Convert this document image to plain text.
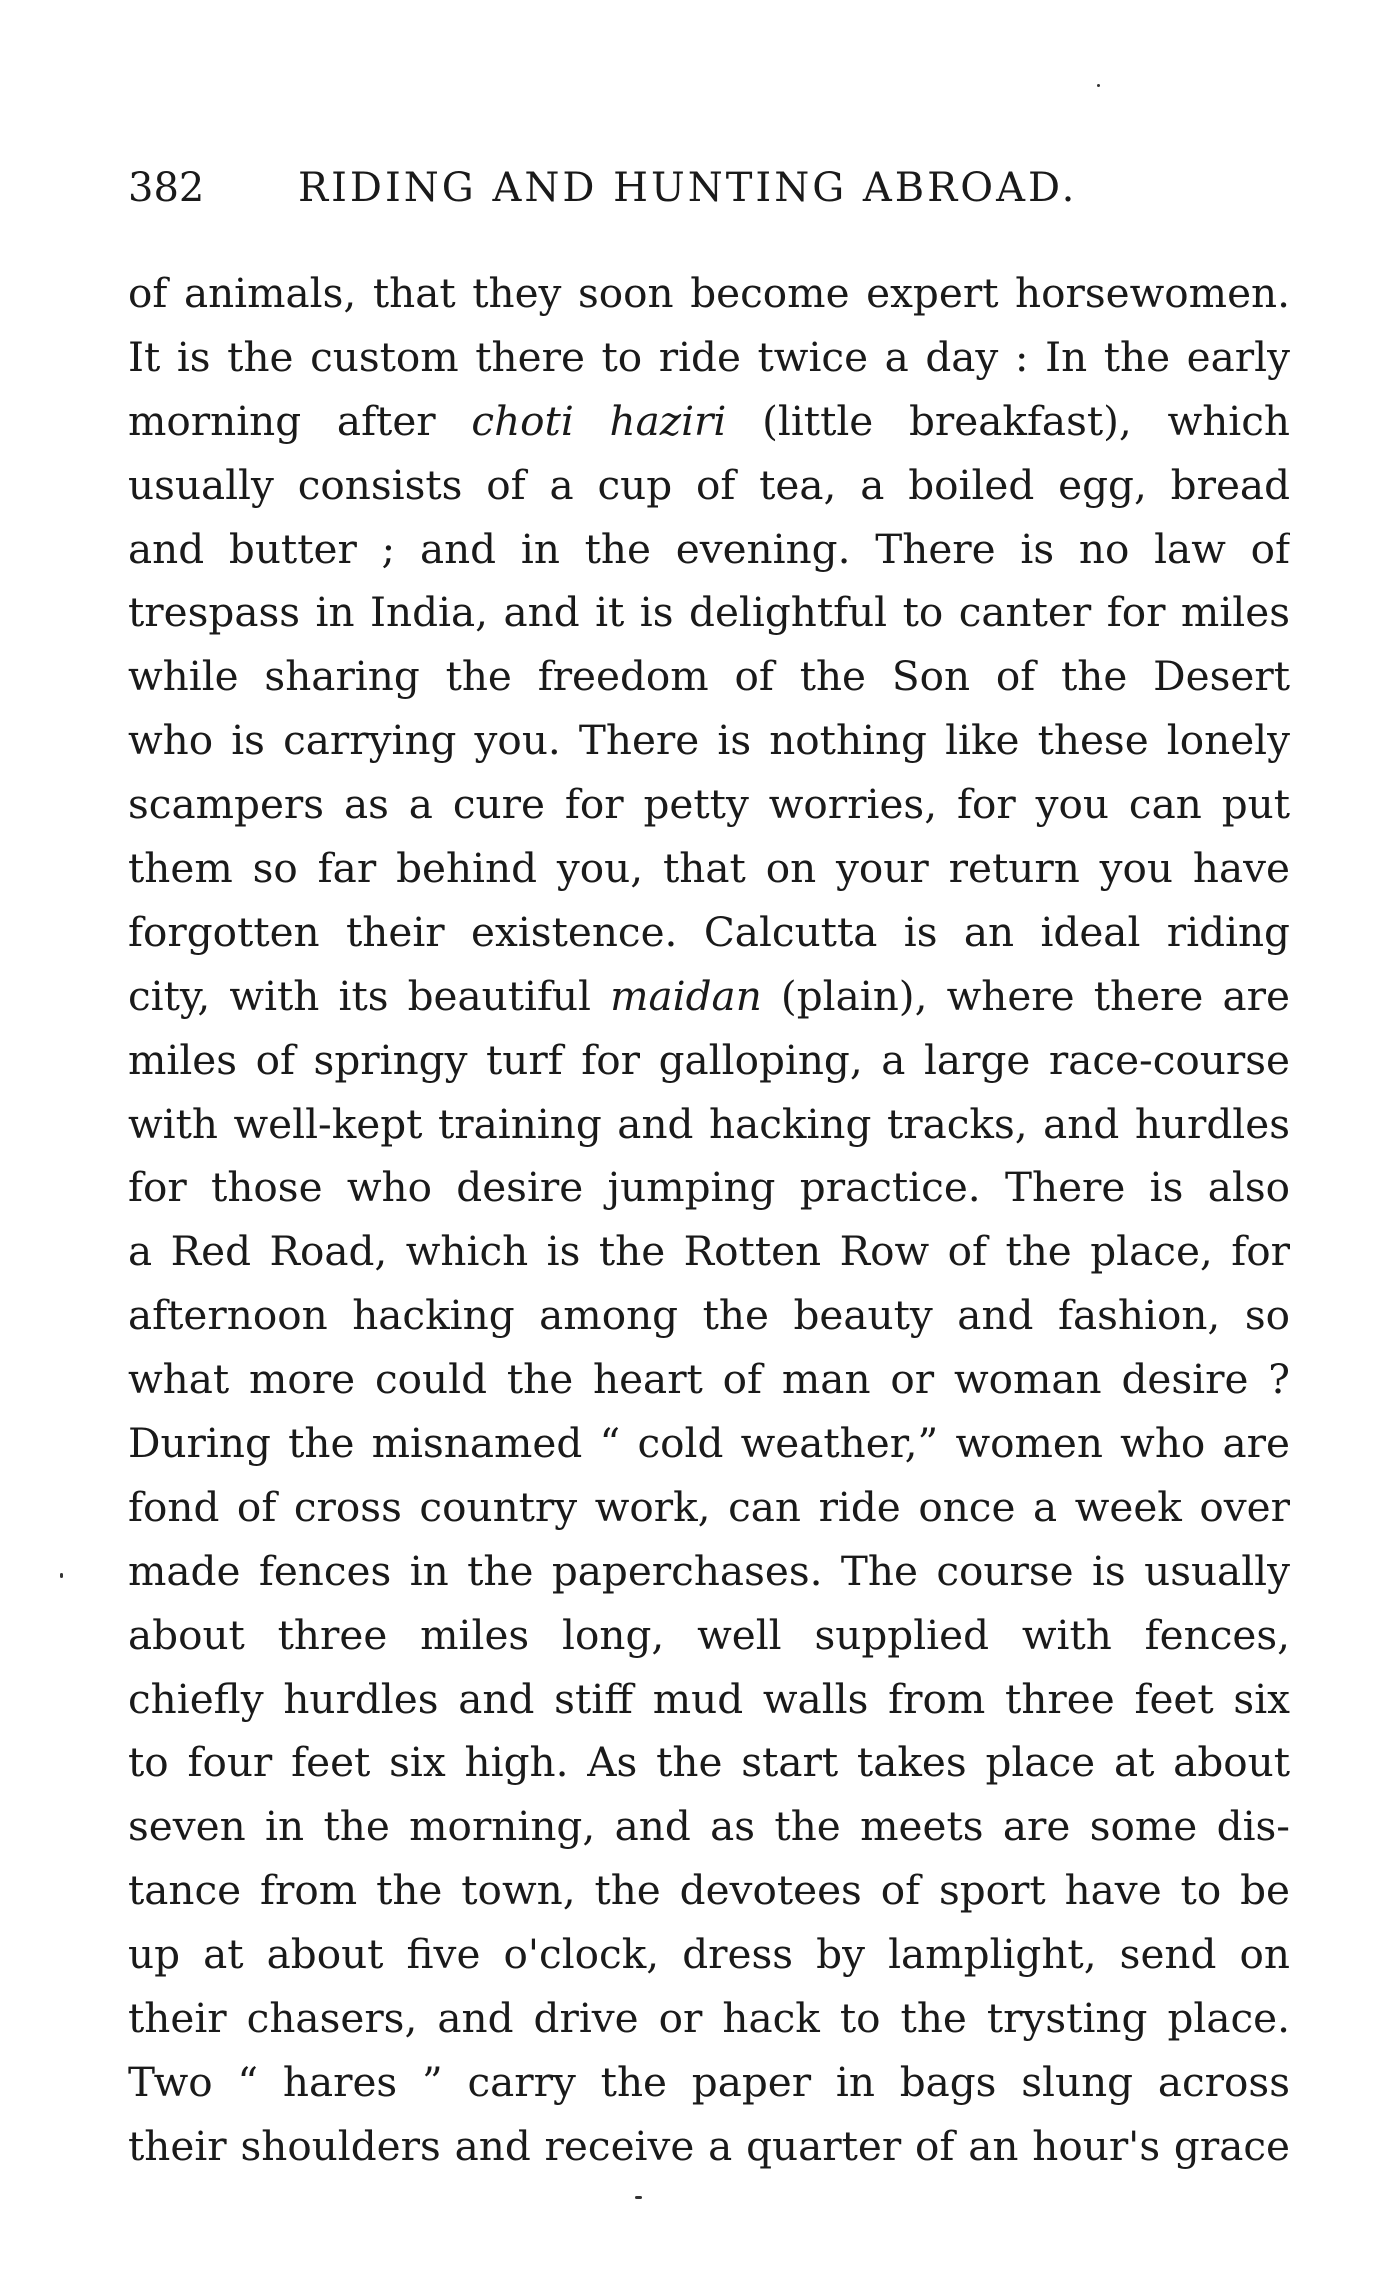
382 RIDING AND HUNTING ABROAD.
of animals, that they soon become expert horsewomen.
It is the custom there to ride twice a day : In the early
morning after choti haziri (little breakfast), which
usually consists of a cup of tea, a boiled egg, bread
and butter ; and in the evening. There is no law of
trespass in India, and it is delightful to canter for miles
while sharing the freedom of the Son of the Desert
who is carrying you. There is nothing like these lonely
scampers as a cure for petty worries, for you can put
them so far behind you, that on your return you have
forgotten their existence. Calcutta is an ideal riding
city, with its beautiful maidan (plain), where there are
miles of springy turf for galloping, a large race-course
with well-kept training and hacking tracks, and hurdles
for those who desire jumping practice. There is also
a Red Road, which is the Rotten Row of the place, for
afternoon hacking among the beauty and fashion, so
what more could the heart of man or woman desire ?
During the misnamed “ cold weather,” women who are
fond of cross country work, can ride once a week over
made fences in the paperchases. The course is usually
about three miles long, well supplied with fences,
chiefly hurdles and stiff mud walls from three feet six
to four feet six high. As the start takes place at about
seven in the morning, and as the meets are some dis-
tance from the town, the devotees of sport have to be
up at about five o'clock, dress by lamplight, send on
their chasers, and drive or hack to the trysting place.
Two “ hares ” carry the paper in bags slung across
their shoulders and receive a quarter of an hour's grace
